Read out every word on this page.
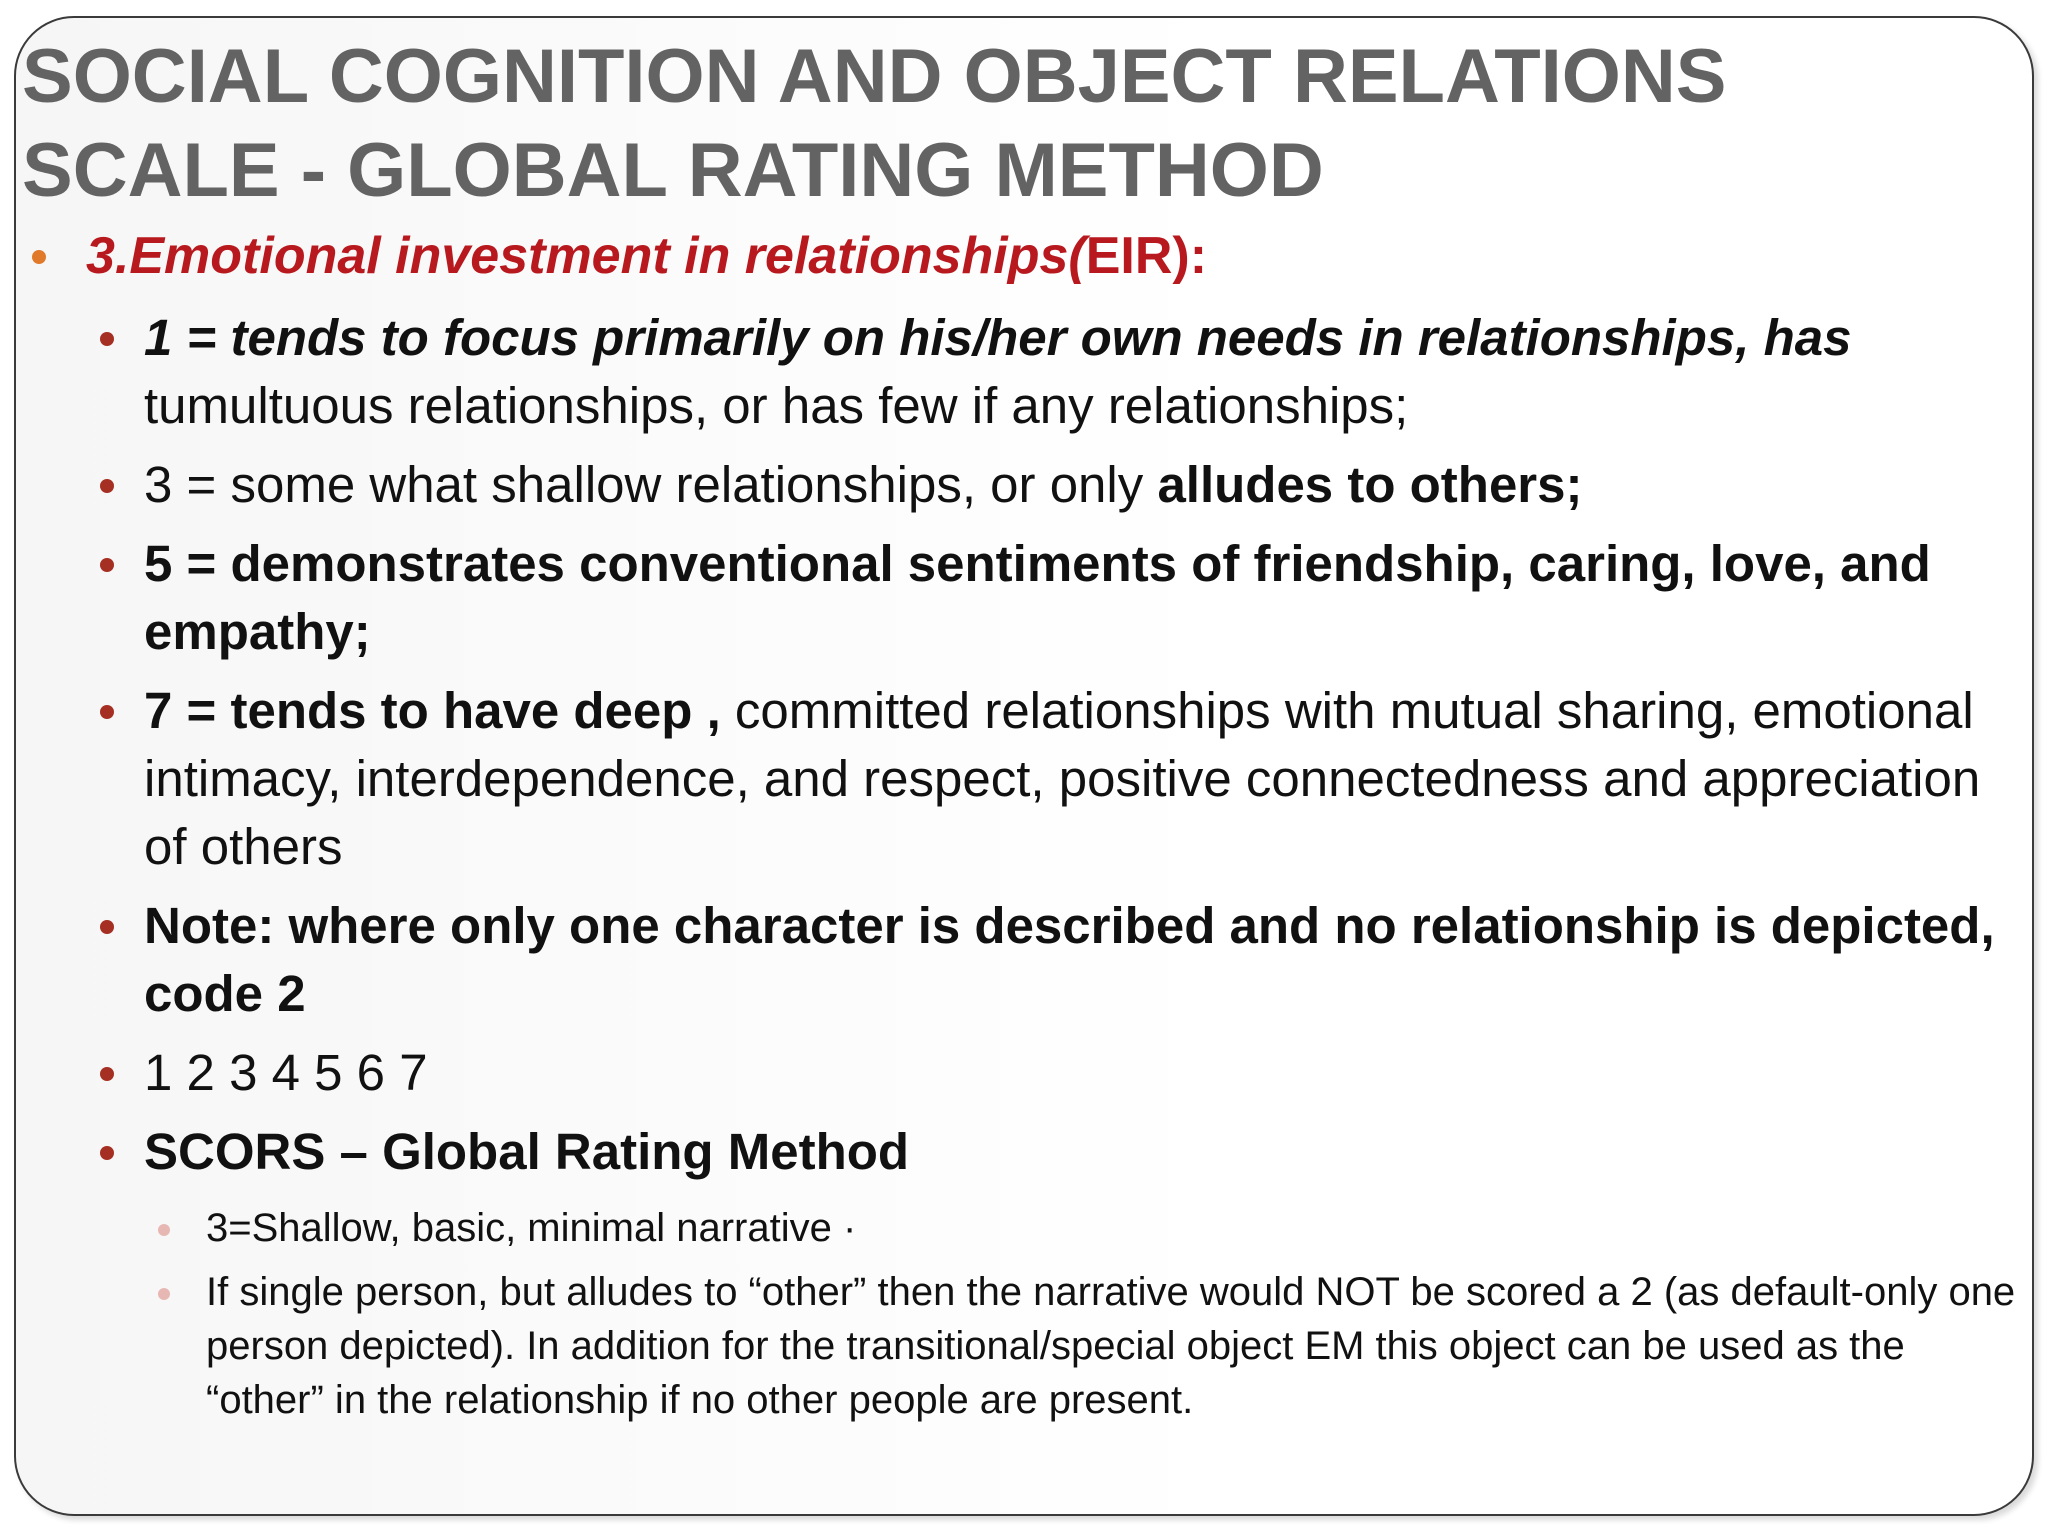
SOCIAL COGNITION AND OBJECT RELATIONS
SCALE - GLOBAL RATING METHOD
3.Emotional investment in relationships(EIR):
1 = tends to focus primarily on his/her own needs in relationships, has tumultuous relationships, or has few if any relationships;
3 = some what shallow relationships, or only alludes to others;
5 = demonstrates conventional sentiments of friendship, caring, love, and empathy;
7 = tends to have deep , committed relationships with mutual sharing, emotional intimacy, interdependence, and respect, positive connectedness and appreciation of others
Note: where only one character is described and no relationship is depicted, code 2
1 2 3 4 5 6 7
SCORS – Global Rating Method
3=Shallow, basic, minimal narrative ·
If single person, but alludes to “other” then the narrative would NOT be scored a 2 (as default-only one person depicted). In addition for the transitional/special object EM this object can be used as the “other” in the relationship if no other people are present.
